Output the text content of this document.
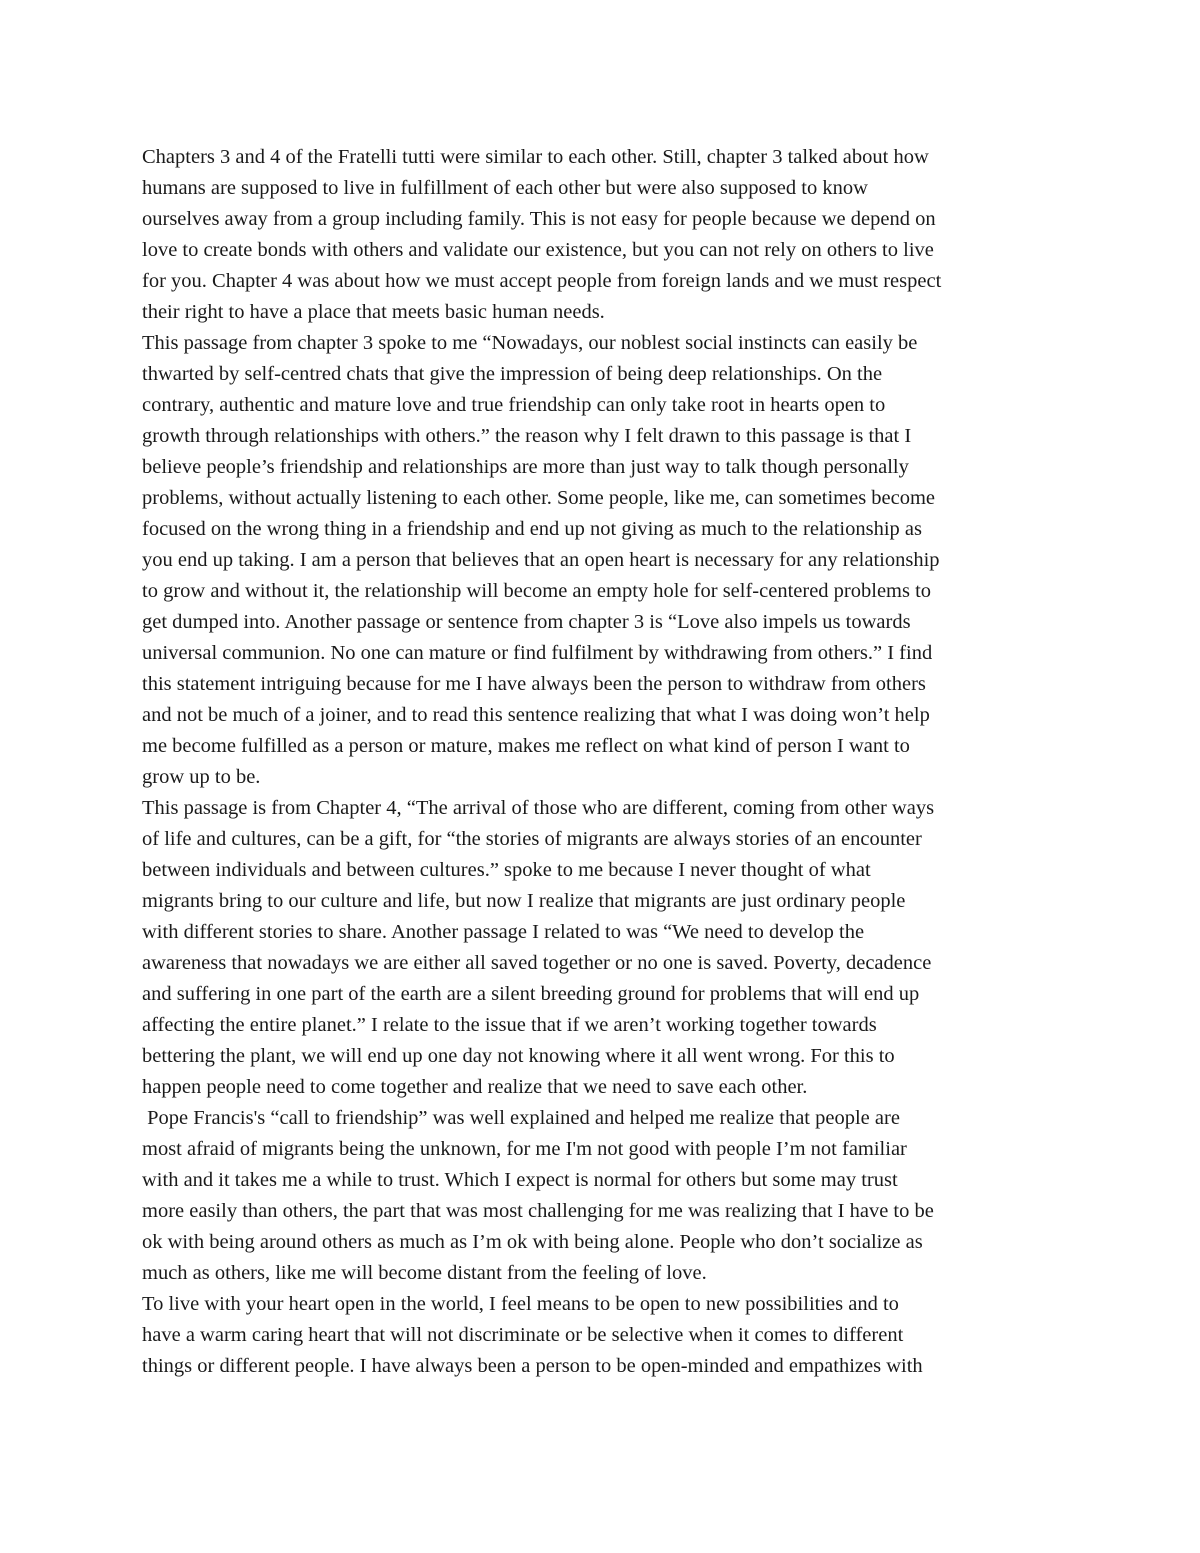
Chapters 3 and 4 of the Fratelli tutti were similar to each other. Still, chapter 3 talked about how
humans are supposed to live in fulfillment of each other but were also supposed to know
ourselves away from a group including family. This is not easy for people because we depend on
love to create bonds with others and validate our existence, but you can not rely on others to live
for you. Chapter 4 was about how we must accept people from foreign lands and we must respect
their right to have a place that meets basic human needs.
This passage from chapter 3 spoke to me “Nowadays, our noblest social instincts can easily be
thwarted by self-centred chats that give the impression of being deep relationships. On the
contrary, authentic and mature love and true friendship can only take root in hearts open to
growth through relationships with others.” the reason why I felt drawn to this passage is that I
believe people’s friendship and relationships are more than just way to talk though personally
problems, without actually listening to each other. Some people, like me, can sometimes become
focused on the wrong thing in a friendship and end up not giving as much to the relationship as
you end up taking. I am a person that believes that an open heart is necessary for any relationship
to grow and without it, the relationship will become an empty hole for self-centered problems to
get dumped into. Another passage or sentence from chapter 3 is “Love also impels us towards
universal communion. No one can mature or find fulfilment by withdrawing from others.” I find
this statement intriguing because for me I have always been the person to withdraw from others
and not be much of a joiner, and to read this sentence realizing that what I was doing won’t help
me become fulfilled as a person or mature, makes me reflect on what kind of person I want to
grow up to be.
This passage is from Chapter 4, “The arrival of those who are different, coming from other ways
of life and cultures, can be a gift, for “the stories of migrants are always stories of an encounter
between individuals and between cultures.” spoke to me because I never thought of what
migrants bring to our culture and life, but now I realize that migrants are just ordinary people
with different stories to share. Another passage I related to was “We need to develop the
awareness that nowadays we are either all saved together or no one is saved. Poverty, decadence
and suffering in one part of the earth are a silent breeding ground for problems that will end up
affecting the entire planet.” I relate to the issue that if we aren’t working together towards
bettering the plant, we will end up one day not knowing where it all went wrong. For this to
happen people need to come together and realize that we need to save each other.
Pope Francis's “call to friendship” was well explained and helped me realize that people are
most afraid of migrants being the unknown, for me I'm not good with people I’m not familiar
with and it takes me a while to trust. Which I expect is normal for others but some may trust
more easily than others, the part that was most challenging for me was realizing that I have to be
ok with being around others as much as I’m ok with being alone. People who don’t socialize as
much as others, like me will become distant from the feeling of love.
To live with your heart open in the world, I feel means to be open to new possibilities and to
have a warm caring heart that will not discriminate or be selective when it comes to different
things or different people. I have always been a person to be open-minded and empathizes with
